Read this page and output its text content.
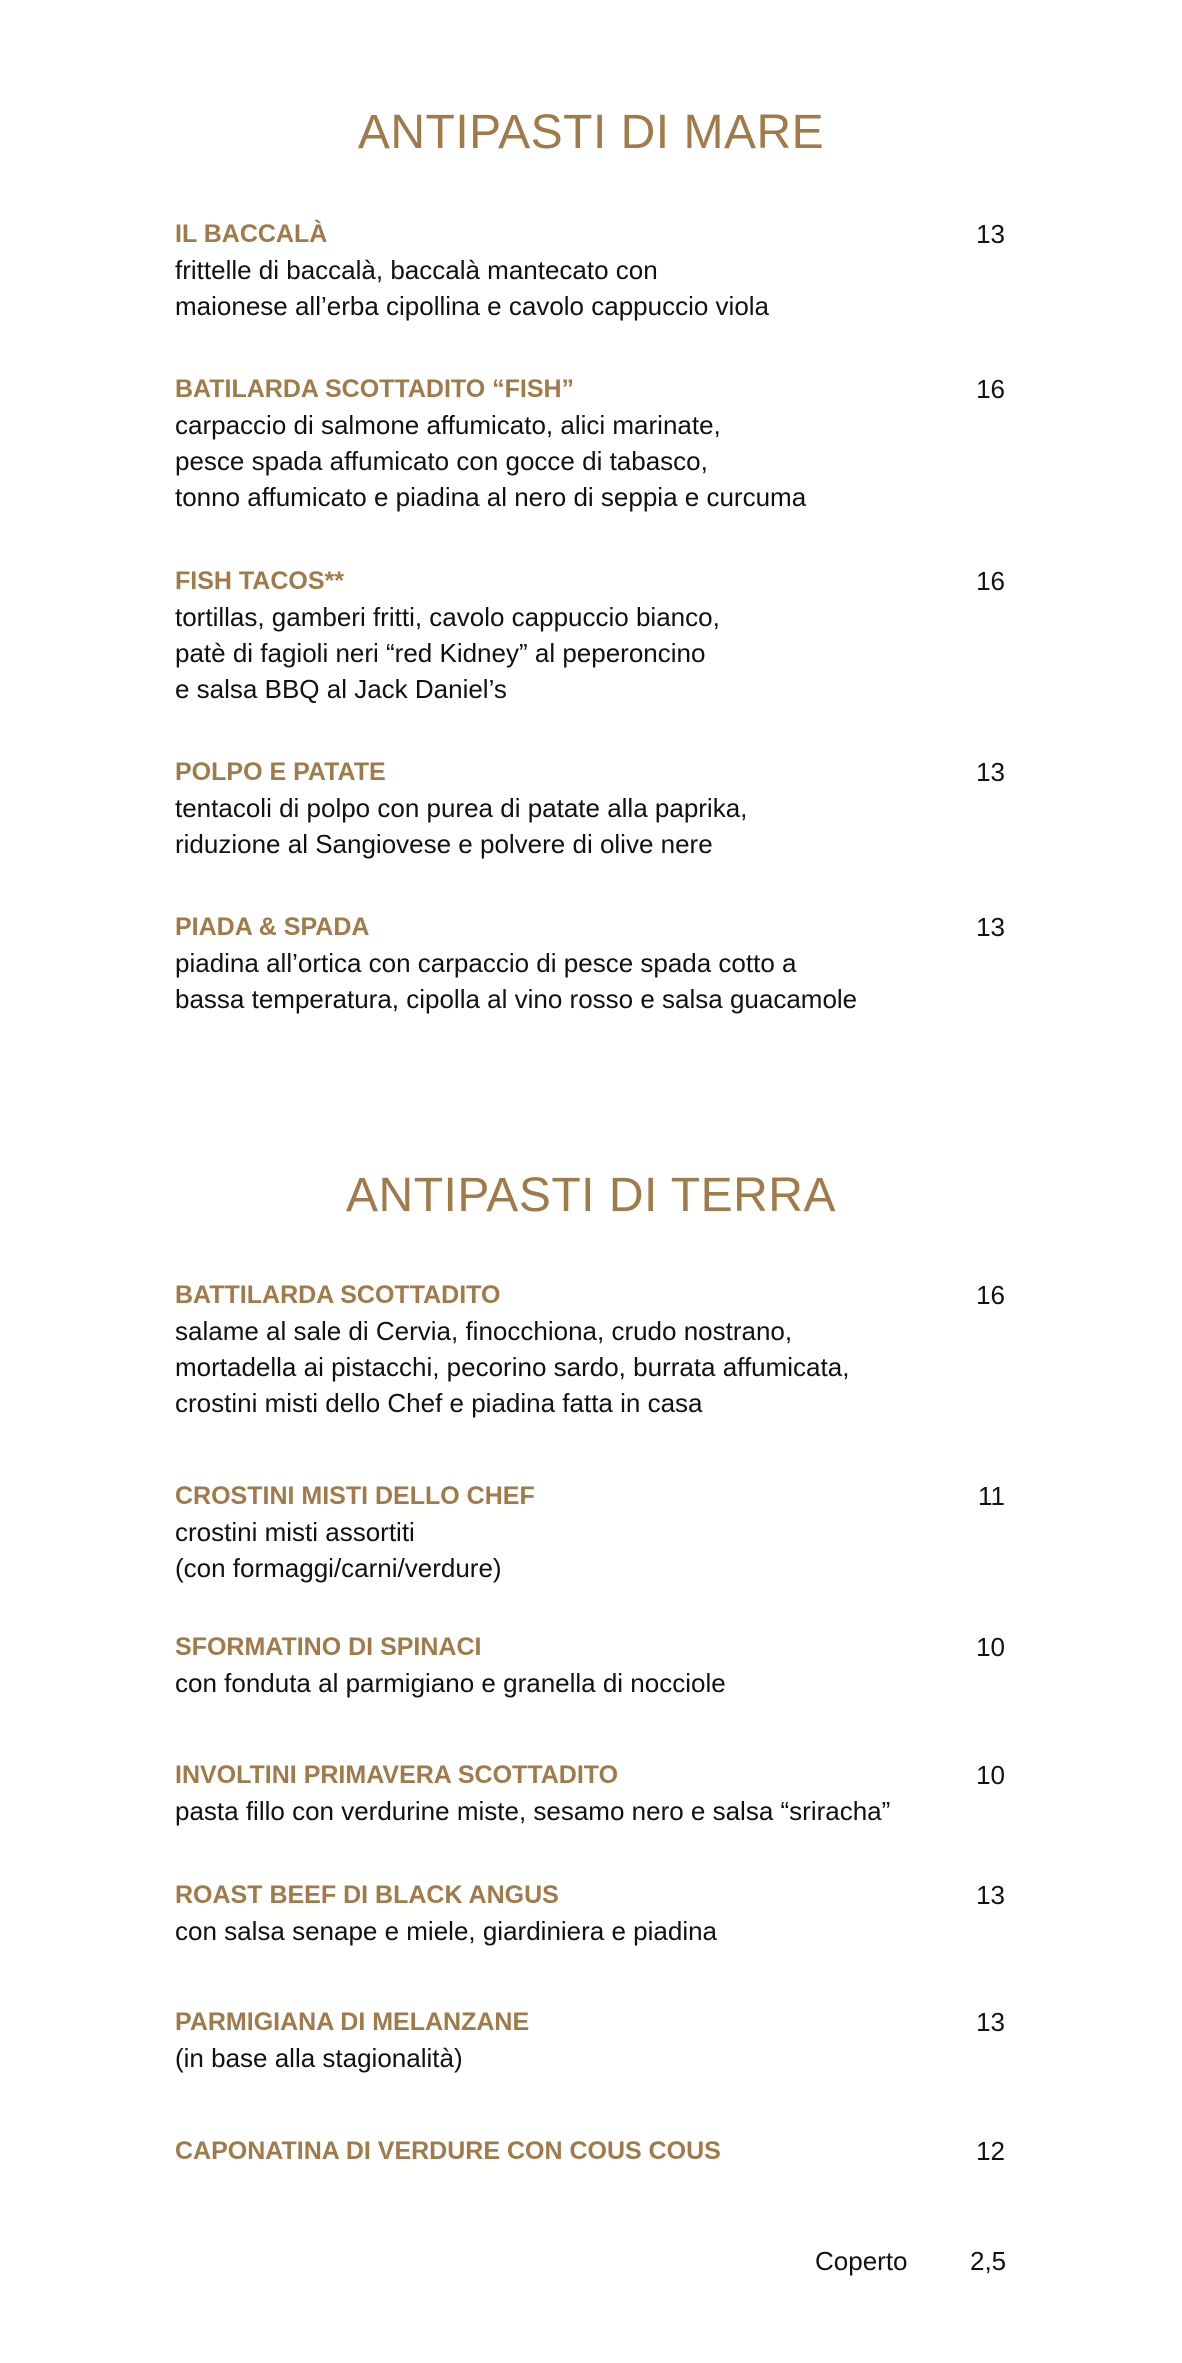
ANTIPASTI DI MARE
IL BACCALÀ	13
frittelle di baccalà, baccalà mantecato con
maionese all’erba cipollina e cavolo cappuccio viola
BATILARDA SCOTTADITO “FISH”	16
carpaccio di salmone affumicato, alici marinate,
pesce spada affumicato con gocce di tabasco,
tonno affumicato e piadina al nero di seppia e curcuma
FISH TACOS**	16
tortillas, gamberi fritti, cavolo cappuccio bianco,
patè di fagioli neri “red Kidney” al peperoncino
e salsa BBQ al Jack Daniel’s
POLPO E PATATE	13
tentacoli di polpo con purea di patate alla paprika,
riduzione al Sangiovese e polvere di olive nere
PIADA & SPADA	13
piadina all’ortica con carpaccio di pesce spada cotto a
bassa temperatura, cipolla al vino rosso e salsa guacamole
ANTIPASTI DI TERRA
BATTILARDA SCOTTADITO	16
salame al sale di Cervia, finocchiona, crudo nostrano,
mortadella ai pistacchi, pecorino sardo, burrata affumicata,
crostini misti dello Chef e piadina fatta in casa
CROSTINI MISTI DELLO CHEF	11
crostini misti assortiti
(con formaggi/carni/verdure)
SFORMATINO DI SPINACI	10
con fonduta al parmigiano e granella di nocciole
INVOLTINI PRIMAVERA SCOTTADITO	10
pasta fillo con verdurine miste, sesamo nero e salsa “sriracha”
ROAST BEEF DI BLACK ANGUS	13
con salsa senape e miele, giardiniera e piadina
PARMIGIANA DI MELANZANE	13
(in base alla stagionalità)
CAPONATINA DI VERDURE CON COUS COUS	12
Coperto 2,5
